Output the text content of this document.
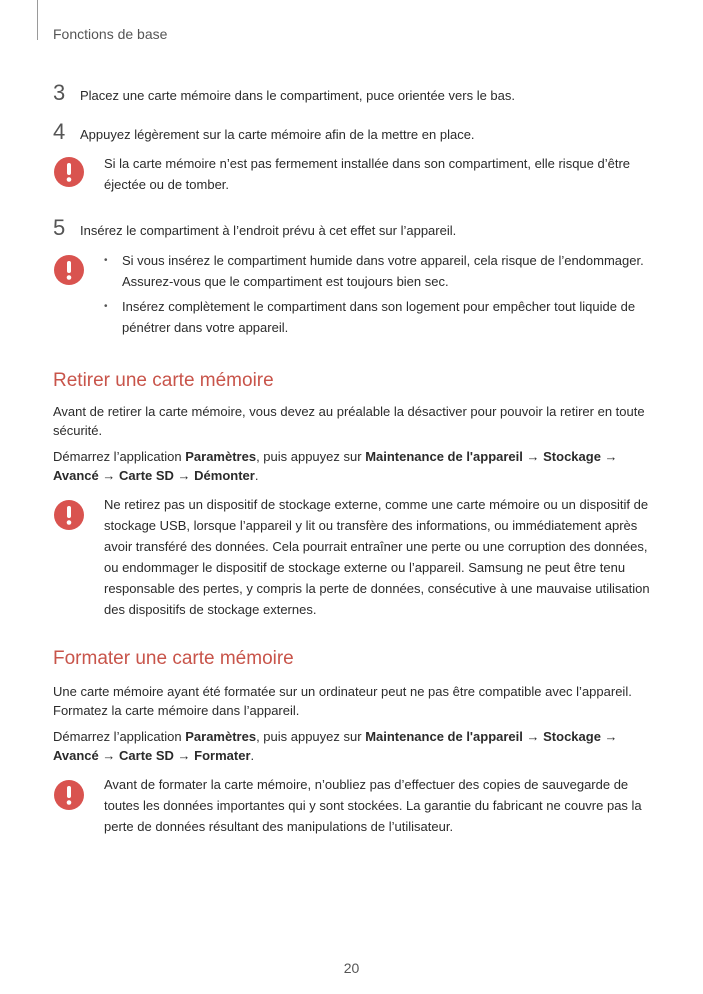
Fonctions de base
3	Placez une carte mémoire dans le compartiment, puce orientée vers le bas.
4	Appuyez légèrement sur la carte mémoire afin de la mettre en place.
Si la carte mémoire n’est pas fermement installée dans son compartiment, elle risque d’être éjectée ou de tomber.
5	Insérez le compartiment à l’endroit prévu à cet effet sur l’appareil.
• Si vous insérez le compartiment humide dans votre appareil, cela risque de l’endommager. Assurez-vous que le compartiment est toujours bien sec.
• Insérez complètement le compartiment dans son logement pour empêcher tout liquide de pénétrer dans votre appareil.
Retirer une carte mémoire
Avant de retirer la carte mémoire, vous devez au préalable la désactiver pour pouvoir la retirer en toute sécurité.
Démarrez l’application Paramètres, puis appuyez sur Maintenance de l'appareil → Stockage → Avancé → Carte SD → Démonter.
Ne retirez pas un dispositif de stockage externe, comme une carte mémoire ou un dispositif de stockage USB, lorsque l’appareil y lit ou transfère des informations, ou immédiatement après avoir transféré des données. Cela pourrait entraîner une perte ou une corruption des données, ou endommager le dispositif de stockage externe ou l’appareil. Samsung ne peut être tenu responsable des pertes, y compris la perte de données, consécutive à une mauvaise utilisation des dispositifs de stockage externes.
Formater une carte mémoire
Une carte mémoire ayant été formatée sur un ordinateur peut ne pas être compatible avec l’appareil. Formatez la carte mémoire dans l’appareil.
Démarrez l’application Paramètres, puis appuyez sur Maintenance de l'appareil → Stockage → Avancé → Carte SD → Formater.
Avant de formater la carte mémoire, n’oubliez pas d’effectuer des copies de sauvegarde de toutes les données importantes qui y sont stockées. La garantie du fabricant ne couvre pas la perte de données résultant des manipulations de l’utilisateur.
20
